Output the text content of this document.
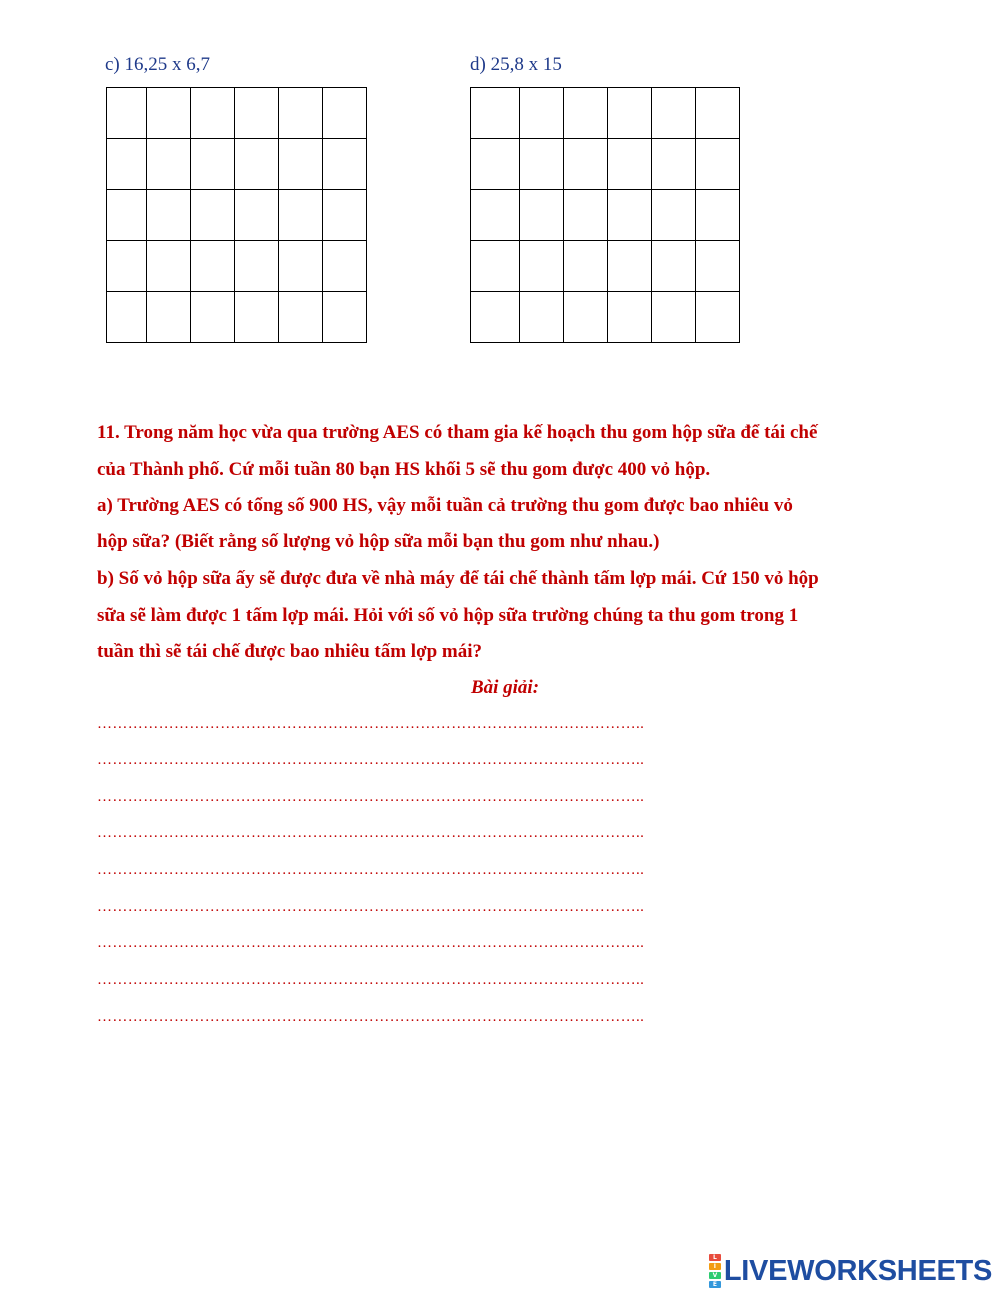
c) 16,25 x 6,7	d) 25,8 x 15

11. Trong năm học vừa qua trường AES có tham gia kế hoạch thu gom hộp sữa để tái chế
của Thành phố. Cứ mỗi tuần 80 bạn HS khối 5 sẽ thu gom được 400 vỏ hộp.
a) Trường AES có tổng số 900 HS, vậy mỗi tuần cả trường thu gom được bao nhiêu vỏ
hộp sữa? (Biết rằng số lượng vỏ hộp sữa mỗi bạn thu gom như nhau.)
b) Số vỏ hộp sữa ấy sẽ được đưa về nhà máy để tái chế thành tấm lợp mái. Cứ 150 vỏ hộp
sữa sẽ làm được 1 tấm lợp mái. Hỏi với số vỏ hộp sữa trường chúng ta thu gom trong 1
tuần thì sẽ tái chế được bao nhiêu tấm lợp mái?
Bài giải:
……………………………………………………………………………………………..
……………………………………………………………………………………………..
……………………………………………………………………………………………..
……………………………………………………………………………………………..
……………………………………………………………………………………………..
……………………………………………………………………………………………..
……………………………………………………………………………………………..
……………………………………………………………………………………………..
……………………………………………………………………………………………..
L
I
V
E LIVEWORKSHEETS
